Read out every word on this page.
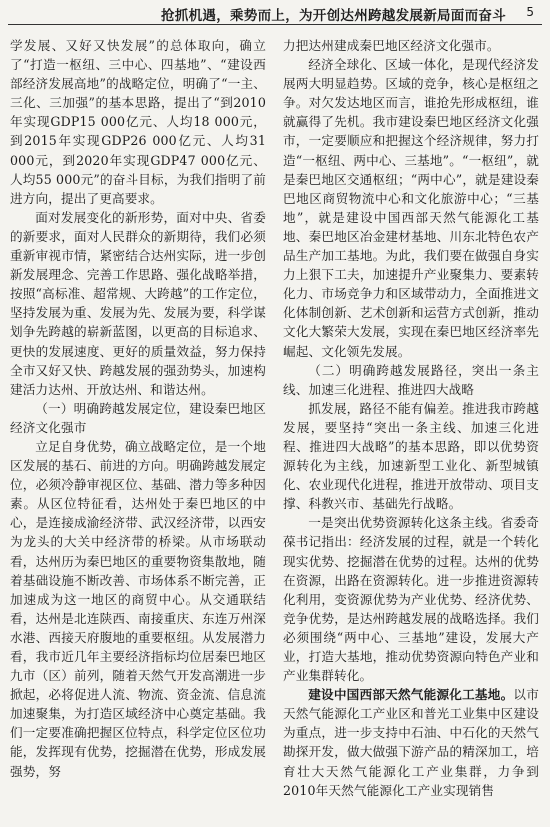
抢抓机遇，乘势而上，为开创达州跨越发展新局面而奋斗 5

学发展、又好又快发展”的总体取向，确立了“打造一枢纽、三中心、四基地”、“建设西部经济发展高地”的战略定位，明确了“一主、三化、三加强”的基本思路，提出了“到2010年实现GDP15 000亿元、人均18 000元，到2015年实现GDP26 000亿元、人均31 000元，到2020年实现GDP47 000亿元、人均55 000元”的奋斗目标，为我们指明了前进方向，提出了更高要求。

面对发展变化的新形势，面对中央、省委的新要求，面对人民群众的新期待，我们必须重新审视市情，紧密结合达州实际，进一步创新发展理念、完善工作思路、强化战略举措，按照“高标准、超常规、大跨越”的工作定位，坚持发展为重、发展为先、发展为要，科学谋划争先跨越的崭新蓝图，以更高的目标追求、更快的发展速度、更好的质量效益，努力保持全市又好又快、跨越发展的强劲势头，加速构建活力达州、开放达州、和谐达州。

（一）明确跨越发展定位，建设秦巴地区经济文化强市

立足自身优势，确立战略定位，是一个地区发展的基石、前进的方向。明确跨越发展定位，必须冷静审视区位、基础、潜力等多种因素。从区位特征看，达州处于秦巴地区的中心，是连接成渝经济带、武汉经济带，以西安为龙头的大关中经济带的桥梁。从市场联动看，达州历为秦巴地区的重要物资集散地，随着基础设施不断改善、市场体系不断完善，正加速成为这一地区的商贸中心。从交通联结看，达州是北连陕西、南接重庆、东连万州深水港、西接天府腹地的重要枢纽。从发展潜力看，我市近几年主要经济指标均位居秦巴地区九市（区）前列，随着天然气开发高潮进一步掀起，必将促进人流、物流、资金流、信息流加速聚集，为打造区域经济中心奠定基础。我们一定要准确把握区位特点，科学定位区位功能，发挥现有优势，挖掘潜在优势，形成发展强势，努

力把达州建成秦巴地区经济文化强市。

经济全球化、区域一体化，是现代经济发展两大明显趋势。区域的竞争，核心是枢纽之争。对欠发达地区而言，谁抢先形成枢纽，谁就赢得了先机。我市建设秦巴地区经济文化强市，一定要顺应和把握这个经济规律，努力打造“一枢纽、两中心、三基地”。“一枢纽”，就是秦巴地区交通枢纽；“两中心”，就是建设秦巴地区商贸物流中心和文化旅游中心；“三基地”，就是建设中国西部天然气能源化工基地、秦巴地区冶金建材基地、川东北特色农产品生产加工基地。为此，我们要在做强自身实力上狠下工夫，加速提升产业聚集力、要素转化力、市场竞争力和区域带动力，全面推进文化体制创新、艺术创新和运营方式创新，推动文化大繁荣大发展，实现在秦巴地区经济率先崛起、文化领先发展。

（二）明确跨越发展路径，突出一条主线、加速三化进程、推进四大战略

抓发展，路径不能有偏差。推进我市跨越发展，要坚持“突出一条主线、加速三化进程、推进四大战略”的基本思路，即以优势资源转化为主线，加速新型工业化、新型城镇化、农业现代化进程，推进开放带动、项目支撑、科教兴市、基础先行战略。

一是突出优势资源转化这条主线。省委奇葆书记指出：经济发展的过程，就是一个转化现实优势、挖掘潜在优势的过程。达州的优势在资源，出路在资源转化。进一步推进资源转化利用，变资源优势为产业优势、经济优势、竞争优势，是达州跨越发展的战略选择。我们必须围绕“两中心、三基地”建设，发展大产业，打造大基地，推动优势资源向特色产业和产业集群转化。

建设中国西部天然气能源化工基地。以市天然气能源化工产业区和普光工业集中区建设为重点，进一步支持中石油、中石化的天然气勘探开发，做大做强下游产品的精深加工，培育壮大天然气能源化工产业集群，力争到2010年天然气能源化工产业实现销售
